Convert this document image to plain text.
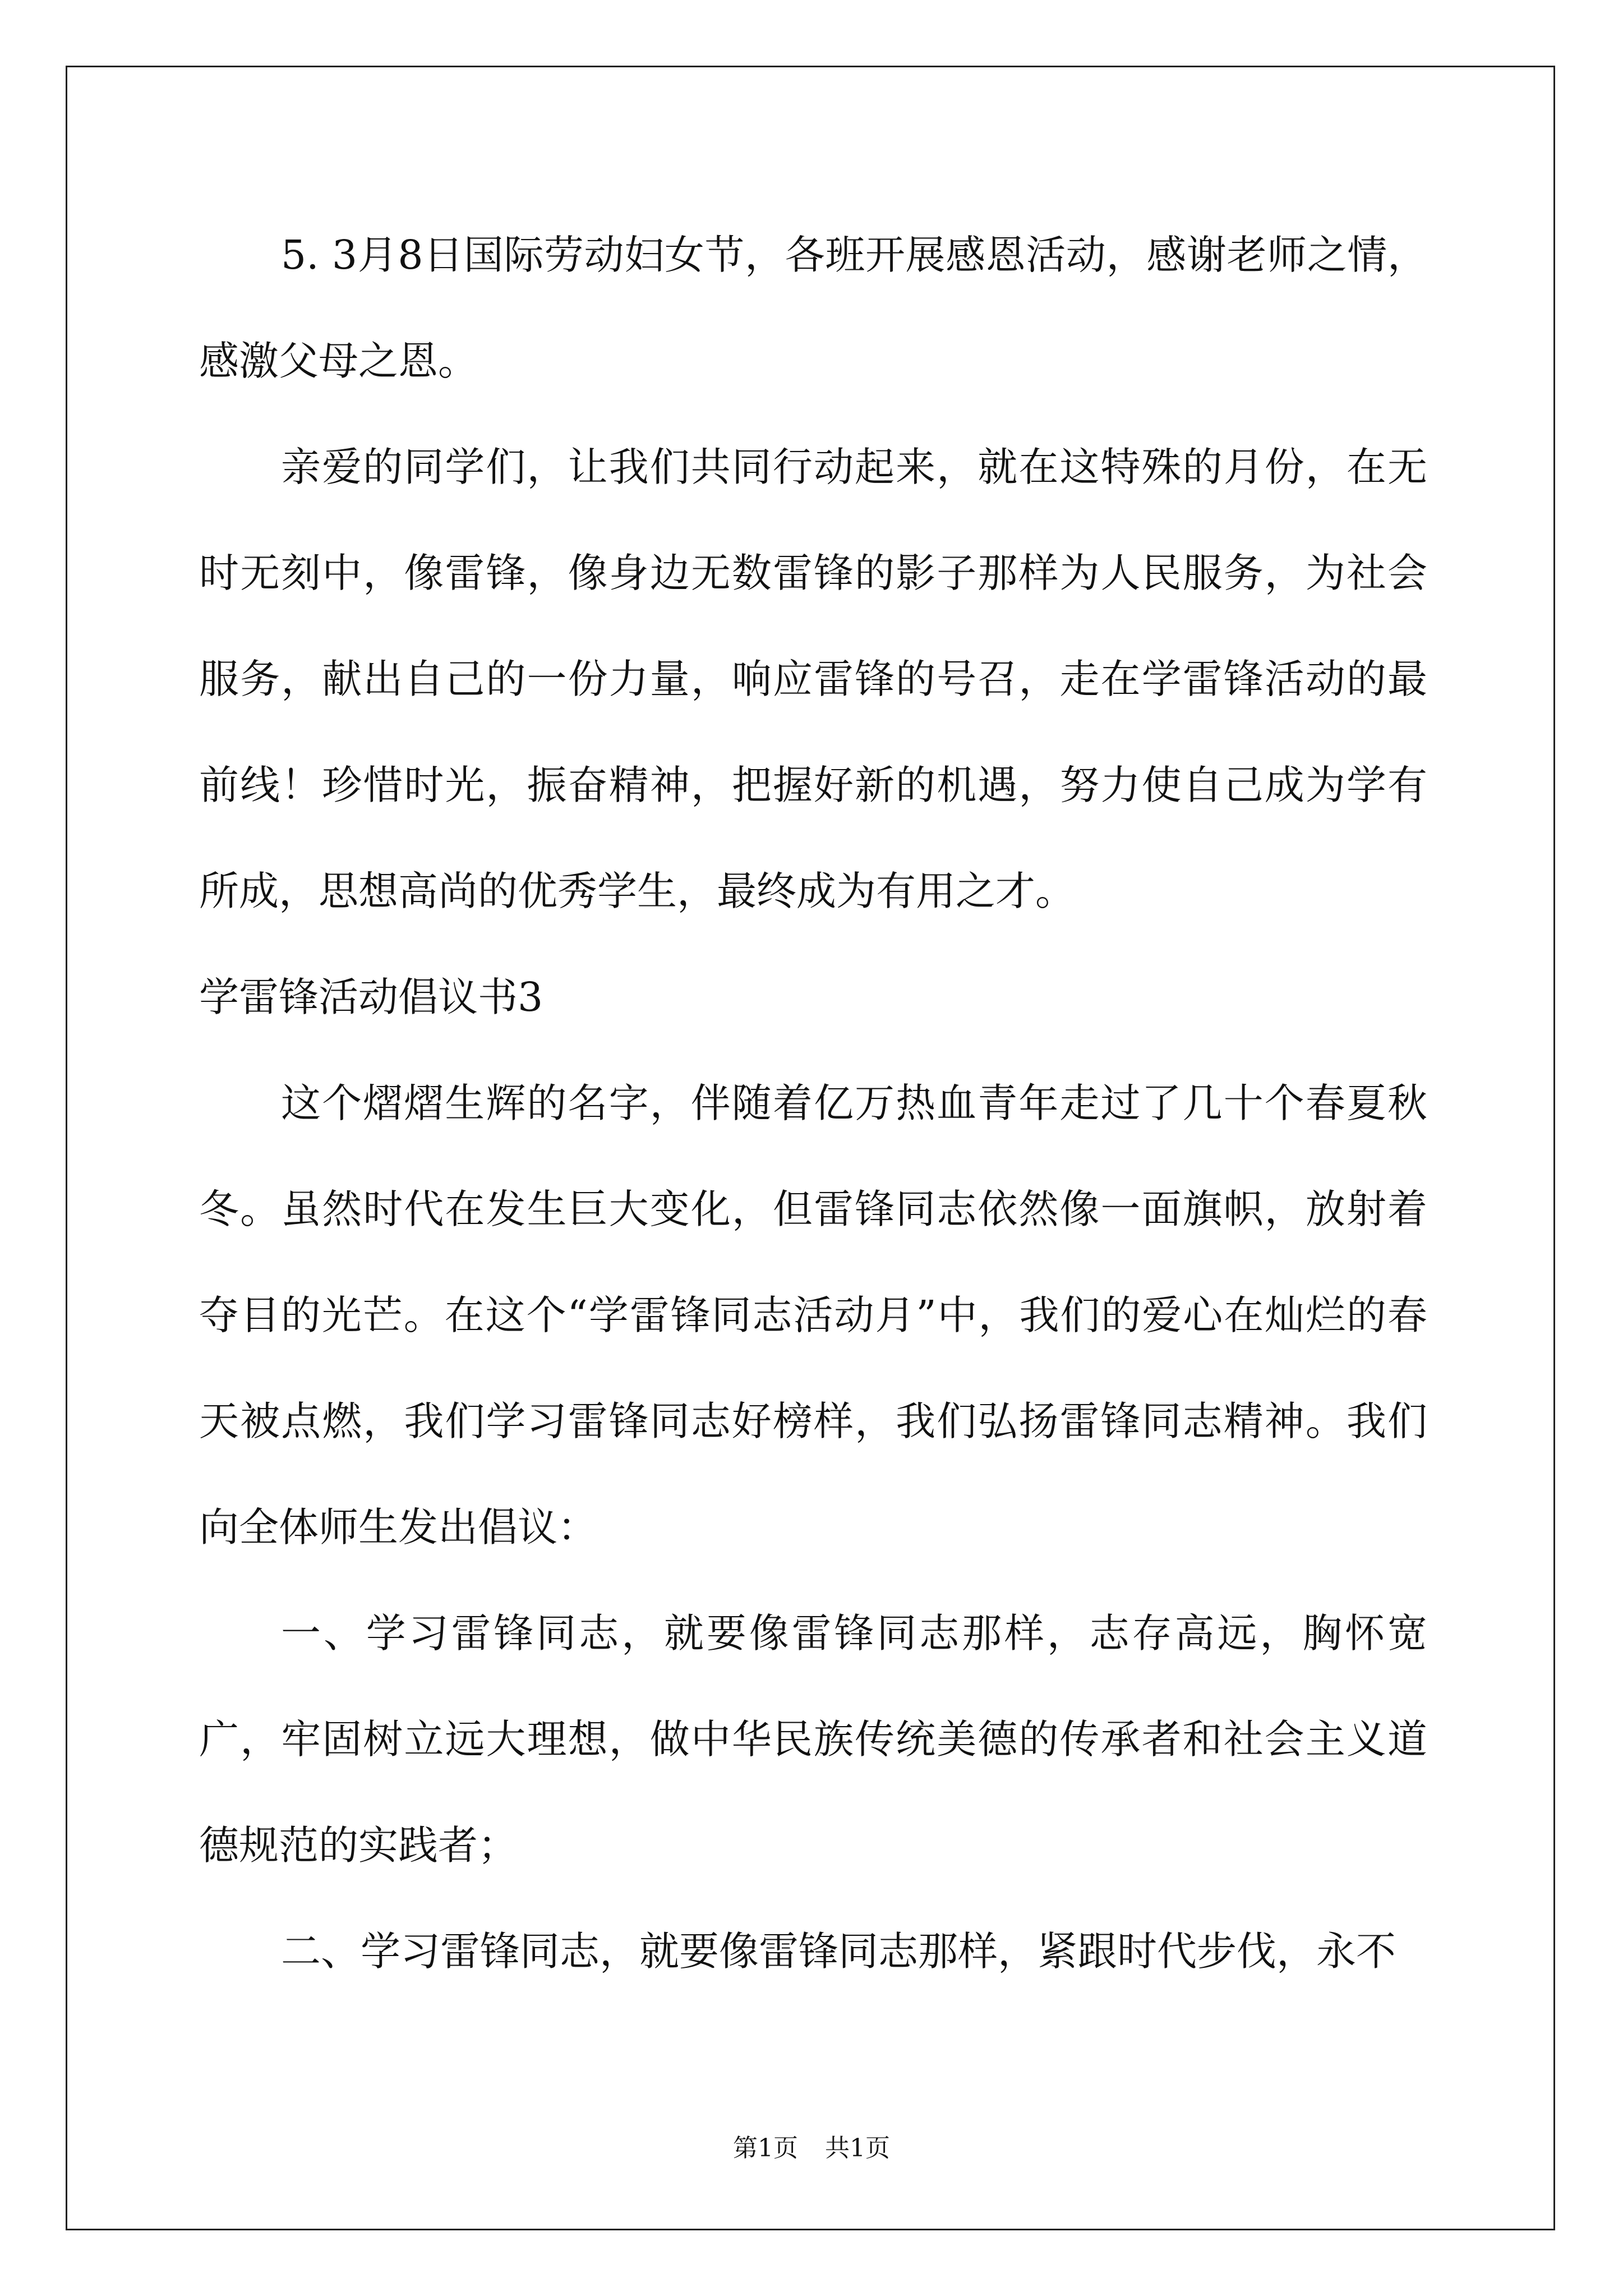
5. 3月8日国际劳动妇女节，各班开展感恩活动，感谢老师之情，感激父母之恩。

亲爱的同学们，让我们共同行动起来，就在这特殊的月份，在无时无刻中，像雷锋，像身边无数雷锋的影子那样为人民服务，为社会服务，献出自己的一份力量，响应雷锋的号召，走在学雷锋活动的最前线！珍惜时光，振奋精神，把握好新的机遇，努力使自己成为学有所成，思想高尚的优秀学生，最终成为有用之才。

学雷锋活动倡议书3

这个熠熠生辉的名字，伴随着亿万热血青年走过了几十个春夏秋冬。虽然时代在发生巨大变化，但雷锋同志依然像一面旗帜，放射着夺目的光芒。在这个“学雷锋同志活动月”中，我们的爱心在灿烂的春天被点燃，我们学习雷锋同志好榜样，我们弘扬雷锋同志精神。我们向全体师生发出倡议：

一、学习雷锋同志，就要像雷锋同志那样，志存高远，胸怀宽广，牢固树立远大理想，做中华民族传统美德的传承者和社会主义道德规范的实践者；

二、学习雷锋同志，就要像雷锋同志那样，紧跟时代步伐，永不

第1页 共1页
